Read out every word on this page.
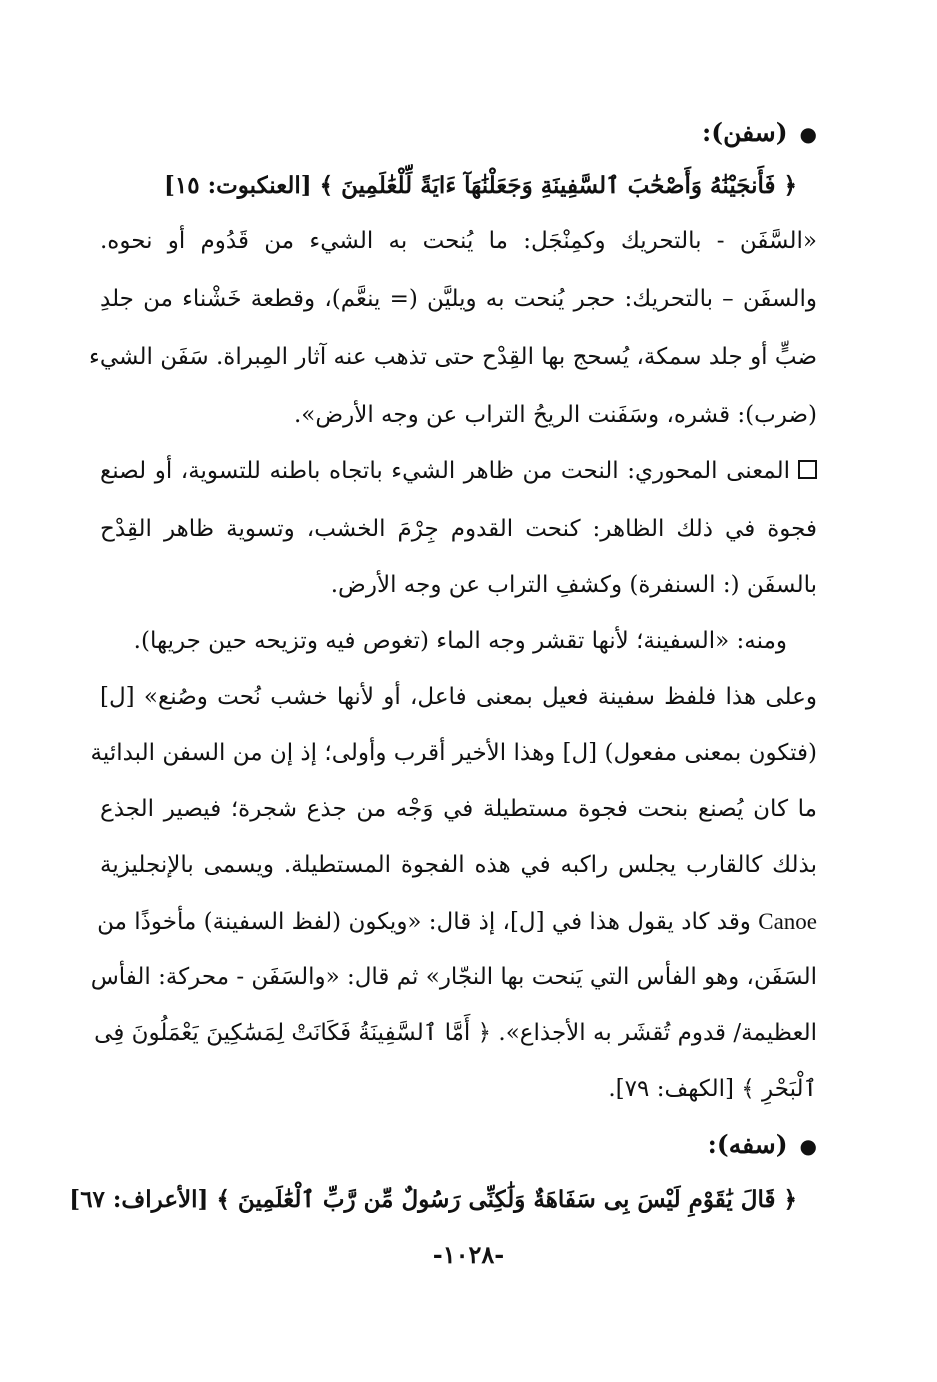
●(سفن):
﴿ فَأَنجَيْنَٰهُ وَأَصْحَٰبَ ٱلسَّفِينَةِ وَجَعَلْنَٰهَآ ءَايَةً لِّلْعَٰلَمِينَ ﴾ [العنكبوت: ١٥]
«السَّفَن - بالتحريك وكمِنْجَل: ما يُنحت به الشيء من قَدُوم أو نحوه.
والسفَن – بالتحريك: حجر يُنحت به ويليَّن (= ينعَّم)، وقطعة خَشْناء من جلدِ
ضبٍّ أو جلد سمكة، يُسحج بها القِدْح حتى تذهب عنه آثار المِبراة. سَفَن الشيء
(ضرب): قشره، وسَفَنت الريحُ التراب عن وجه الأرض».
المعنى المحوري: النحت من ظاهر الشيء باتجاه باطنه للتسوية، أو لصنع
فجوة في ذلك الظاهر: كنحت القدوم جِرْمَ الخشب، وتسوية ظاهر القِدْح
بالسفَن (: السنفرة) وكشفِ التراب عن وجه الأرض.
ومنه: «السفينة؛ لأنها تقشر وجه الماء (تغوص فيه وتزيحه حين جريها).
وعلى هذا فلفظ سفينة فعيل بمعنى فاعل، أو لأنها خشب نُحت وصُنع» [ل]
(فتكون بمعنى مفعول) [ل] وهذا الأخير أقرب وأولى؛ إذ إن من السفن البدائية
ما كان يُصنع بنحت فجوة مستطيلة في وَجْه من جذع شجرة؛ فيصير الجذع
بذلك كالقارب يجلس راكبه في هذه الفجوة المستطيلة. ويسمى بالإنجليزية
Canoe وقد كاد يقول هذا في [ل]، إذ قال: «ويكون (لفظ السفينة) مأخوذًا من
السَفَن، وهو الفأس التي يَنحت بها النجّار» ثم قال: «والسَفَن - محركة: الفأس
العظيمة/ قدوم تُقشَر به الأجذاع». ﴿ أَمَّا ٱلسَّفِينَةُ فَكَانَتْ لِمَسَٰكِينَ يَعْمَلُونَ فِى
ٱلْبَحْرِ ﴾ [الكهف: ٧٩].
●(سفه):
﴿ قَالَ يَٰقَوْمِ لَيْسَ بِى سَفَاهَةٌ وَلَٰكِنِّى رَسُولٌ مِّن رَّبِّ ٱلْعَٰلَمِينَ ﴾ [الأعراف: ٦٧]
-١٠٢٨-
